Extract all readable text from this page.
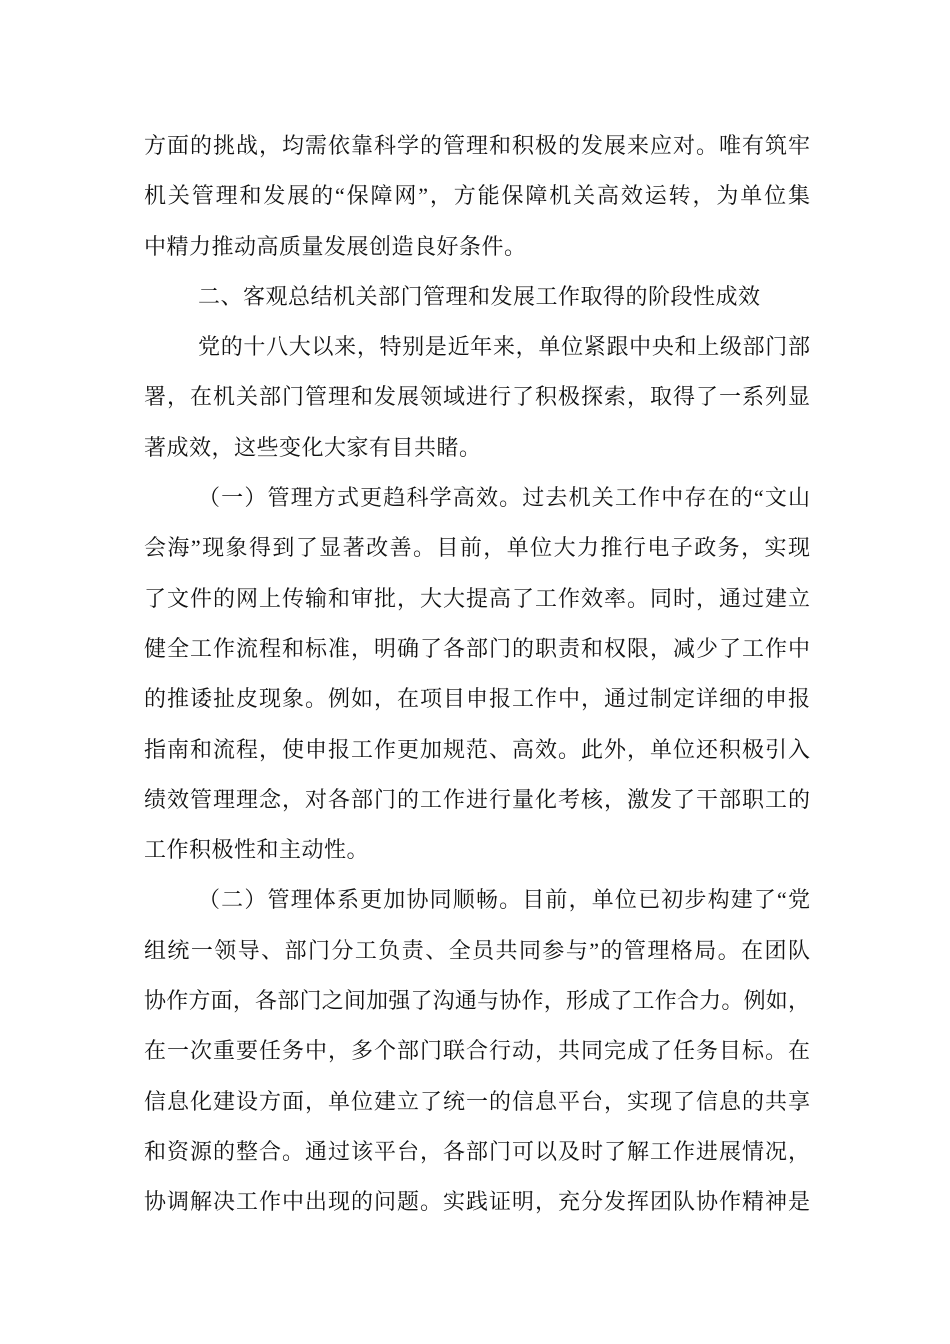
方面的挑战，均需依靠科学的管理和积极的发展来应对。唯有筑牢
机关管理和发展的“保障网”，方能保障机关高效运转，为单位集
中精力推动高质量发展创造良好条件。
二、客观总结机关部门管理和发展工作取得的阶段性成效
党的十八大以来，特别是近年来，单位紧跟中央和上级部门部
署，在机关部门管理和发展领域进行了积极探索，取得了一系列显
著成效，这些变化大家有目共睹。
（一）管理方式更趋科学高效。过去机关工作中存在的“文山
会海”现象得到了显著改善。目前，单位大力推行电子政务，实现
了文件的网上传输和审批，大大提高了工作效率。同时，通过建立
健全工作流程和标准，明确了各部门的职责和权限，减少了工作中
的推诿扯皮现象。例如，在项目申报工作中，通过制定详细的申报
指南和流程，使申报工作更加规范、高效。此外，单位还积极引入
绩效管理理念，对各部门的工作进行量化考核，激发了干部职工的
工作积极性和主动性。
（二）管理体系更加协同顺畅。目前，单位已初步构建了“党
组统一领导、部门分工负责、全员共同参与”的管理格局。在团队
协作方面，各部门之间加强了沟通与协作，形成了工作合力。例如，
在一次重要任务中，多个部门联合行动，共同完成了任务目标。在
信息化建设方面，单位建立了统一的信息平台，实现了信息的共享
和资源的整合。通过该平台，各部门可以及时了解工作进展情况，
协调解决工作中出现的问题。实践证明，充分发挥团队协作精神是
